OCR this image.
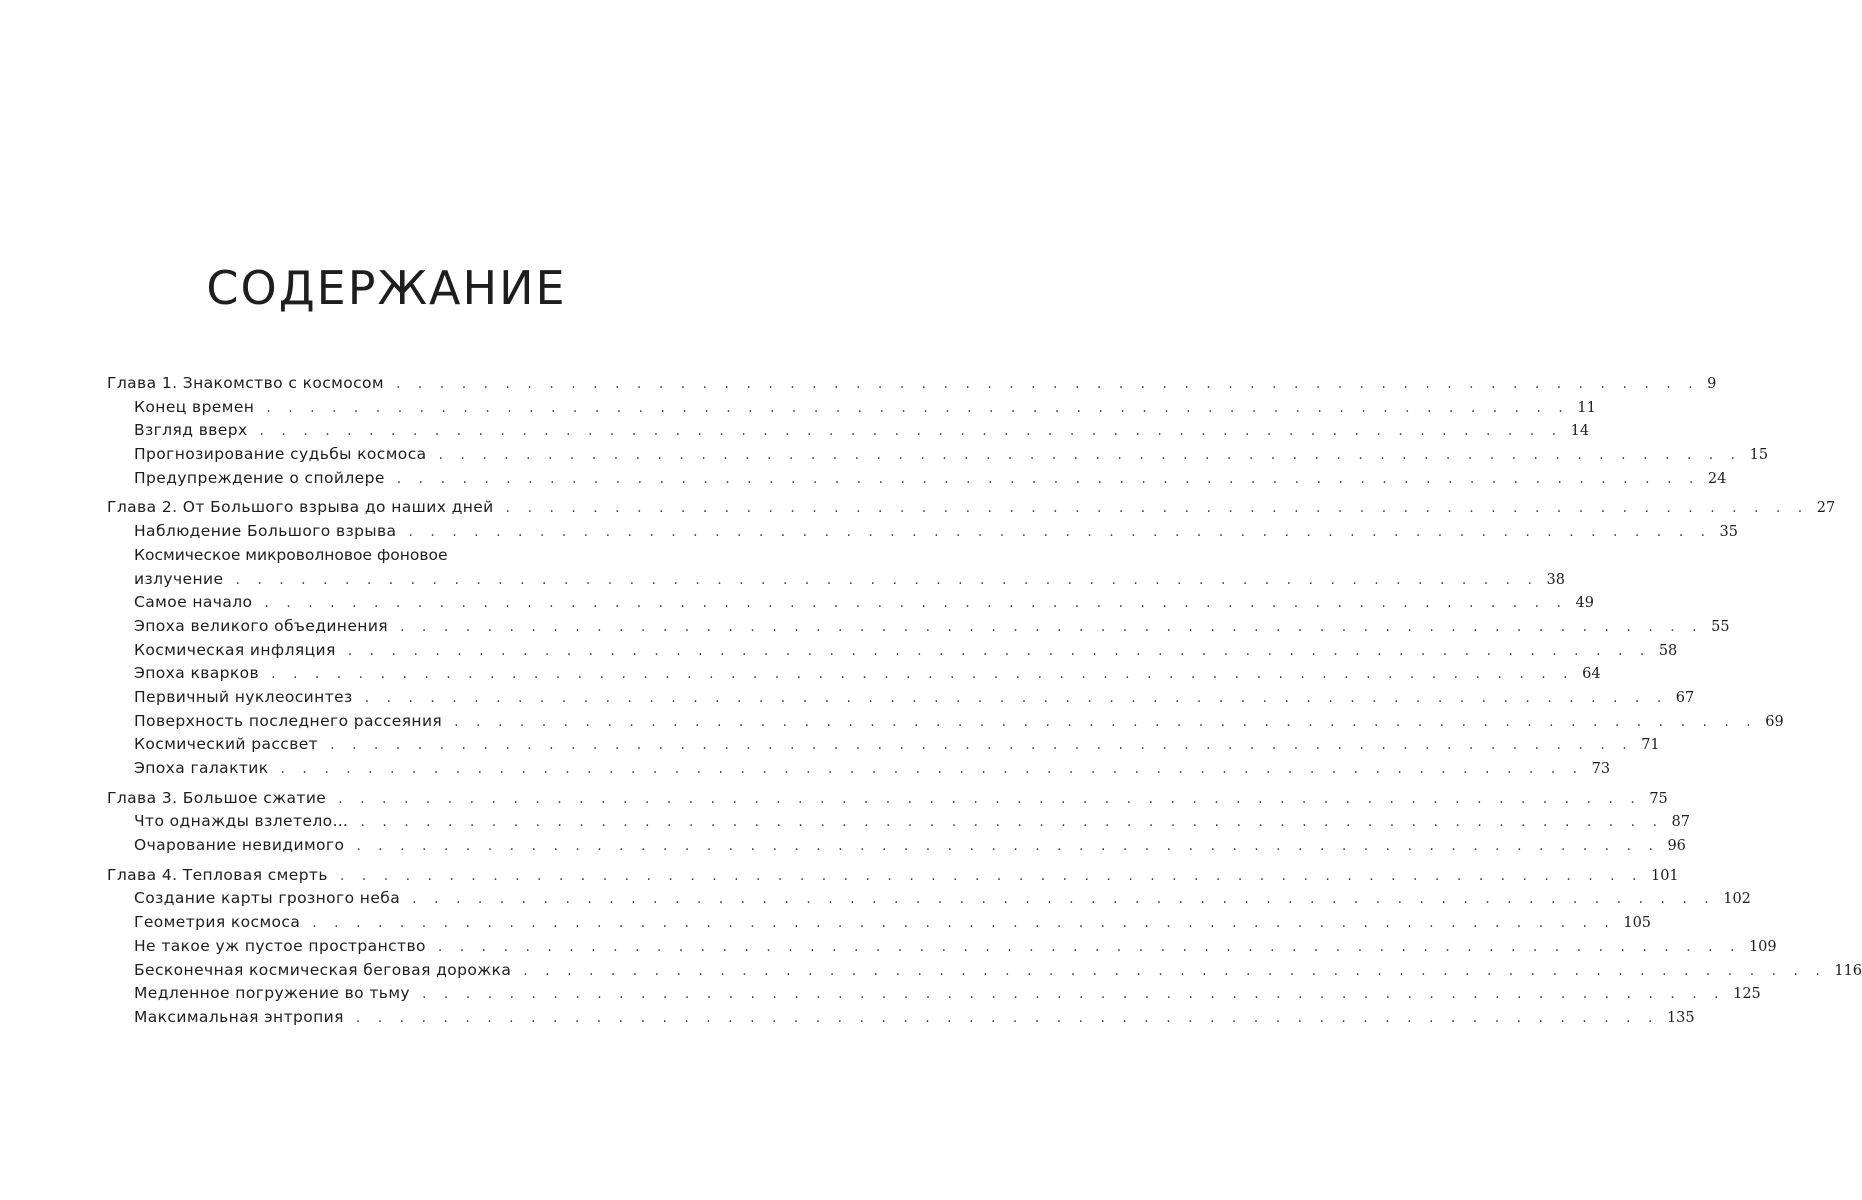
СОДЕРЖАНИЕ
Глава 1. Знакомство с космосом . . . . . . . . . . . . . . . . . . . . . . . . . . . . . . . . . . . . . . . . . . . . . . . . . . . . . . . . . . . . 9
Конец времен . . . . . . . . . . . . . . . . . . . . . . . . . . . . . . . . . . . . . . . . . . . . . . . . . . . . . . . . . . . . 11
Взгляд вверх . . . . . . . . . . . . . . . . . . . . . . . . . . . . . . . . . . . . . . . . . . . . . . . . . . . . . . . . . . . . 14
Прогнозирование судьбы космоса . . . . . . . . . . . . . . . . . . . . . . . . . . . . . . . . . . . . . . . . . . . . . . . . . . . . . . . . . . . . 15
Предупреждение о спойлере . . . . . . . . . . . . . . . . . . . . . . . . . . . . . . . . . . . . . . . . . . . . . . . . . . . . . . . . . . . . 24
Глава 2. От Большого взрыва до наших дней . . . . . . . . . . . . . . . . . . . . . . . . . . . . . . . . . . . . . . . . . . . . . . . . . . . . . . . . . . . . 27
Наблюдение Большого взрыва . . . . . . . . . . . . . . . . . . . . . . . . . . . . . . . . . . . . . . . . . . . . . . . . . . . . . . . . . . . . 35
Космическое микроволновое фоновое
излучение . . . . . . . . . . . . . . . . . . . . . . . . . . . . . . . . . . . . . . . . . . . . . . . . . . . . . . . . . . . . 38
Самое начало . . . . . . . . . . . . . . . . . . . . . . . . . . . . . . . . . . . . . . . . . . . . . . . . . . . . . . . . . . . . 49
Эпоха великого объединения . . . . . . . . . . . . . . . . . . . . . . . . . . . . . . . . . . . . . . . . . . . . . . . . . . . . . . . . . . . . 55
Космическая инфляция . . . . . . . . . . . . . . . . . . . . . . . . . . . . . . . . . . . . . . . . . . . . . . . . . . . . . . . . . . . . 58
Эпоха кварков . . . . . . . . . . . . . . . . . . . . . . . . . . . . . . . . . . . . . . . . . . . . . . . . . . . . . . . . . . . . 64
Первичный нуклеосинтез . . . . . . . . . . . . . . . . . . . . . . . . . . . . . . . . . . . . . . . . . . . . . . . . . . . . . . . . . . . . 67
Поверхность последнего рассеяния . . . . . . . . . . . . . . . . . . . . . . . . . . . . . . . . . . . . . . . . . . . . . . . . . . . . . . . . . . . . 69
Космический рассвет . . . . . . . . . . . . . . . . . . . . . . . . . . . . . . . . . . . . . . . . . . . . . . . . . . . . . . . . . . . . 71
Эпоха галактик . . . . . . . . . . . . . . . . . . . . . . . . . . . . . . . . . . . . . . . . . . . . . . . . . . . . . . . . . . . . 73
Глава 3. Большое сжатие . . . . . . . . . . . . . . . . . . . . . . . . . . . . . . . . . . . . . . . . . . . . . . . . . . . . . . . . . . . . 75
Что однажды взлетело… . . . . . . . . . . . . . . . . . . . . . . . . . . . . . . . . . . . . . . . . . . . . . . . . . . . . . . . . . . . . 87
Очарование невидимого . . . . . . . . . . . . . . . . . . . . . . . . . . . . . . . . . . . . . . . . . . . . . . . . . . . . . . . . . . . . 96
Глава 4. Тепловая смерть . . . . . . . . . . . . . . . . . . . . . . . . . . . . . . . . . . . . . . . . . . . . . . . . . . . . . . . . . . . . 101
Создание карты грозного неба . . . . . . . . . . . . . . . . . . . . . . . . . . . . . . . . . . . . . . . . . . . . . . . . . . . . . . . . . . . . 102
Геометрия космоса . . . . . . . . . . . . . . . . . . . . . . . . . . . . . . . . . . . . . . . . . . . . . . . . . . . . . . . . . . . . 105
Не такое уж пустое пространство . . . . . . . . . . . . . . . . . . . . . . . . . . . . . . . . . . . . . . . . . . . . . . . . . . . . . . . . . . . . 109
Бесконечная космическая беговая дорожка . . . . . . . . . . . . . . . . . . . . . . . . . . . . . . . . . . . . . . . . . . . . . . . . . . . . . . . . . . . . 116
Медленное погружение во тьму . . . . . . . . . . . . . . . . . . . . . . . . . . . . . . . . . . . . . . . . . . . . . . . . . . . . . . . . . . . . 125
Максимальная энтропия . . . . . . . . . . . . . . . . . . . . . . . . . . . . . . . . . . . . . . . . . . . . . . . . . . . . . . . . . . . . 135
